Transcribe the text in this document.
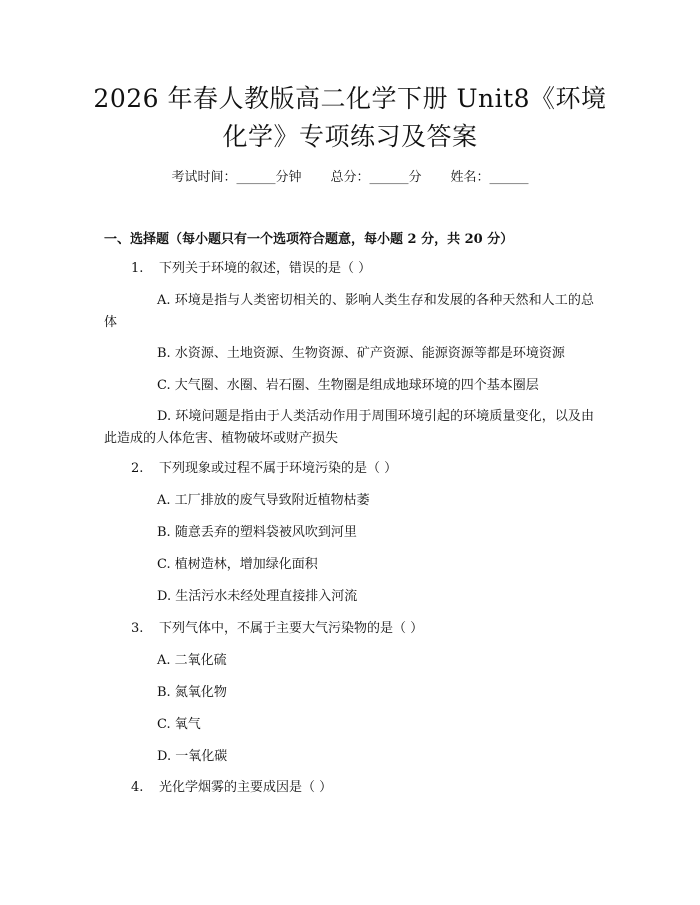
2026 年春人教版高二化学下册 Unit8《环境
化学》专项练习及答案
考试时间：______分钟 总分：______分 姓名：______
一、选择题（每小题只有一个选项符合题意，每小题 2 分，共 20 分）
1. 下列关于环境的叙述，错误的是（ ）
A. 环境是指与人类密切相关的、影响人类生存和发展的各种天然和人工的总体
B. 水资源、土地资源、生物资源、矿产资源、能源资源等都是环境资源
C. 大气圈、水圈、岩石圈、生物圈是组成地球环境的四个基本圈层
D. 环境问题是指由于人类活动作用于周围环境引起的环境质量变化，以及由此造成的人体危害、植物破坏或财产损失
2. 下列现象或过程不属于环境污染的是（ ）
A. 工厂排放的废气导致附近植物枯萎
B. 随意丢弃的塑料袋被风吹到河里
C. 植树造林，增加绿化面积
D. 生活污水未经处理直接排入河流
3. 下列气体中，不属于主要大气污染物的是（ ）
A. 二氧化硫
B. 氮氧化物
C. 氧气
D. 一氧化碳
4. 光化学烟雾的主要成因是（ ）
